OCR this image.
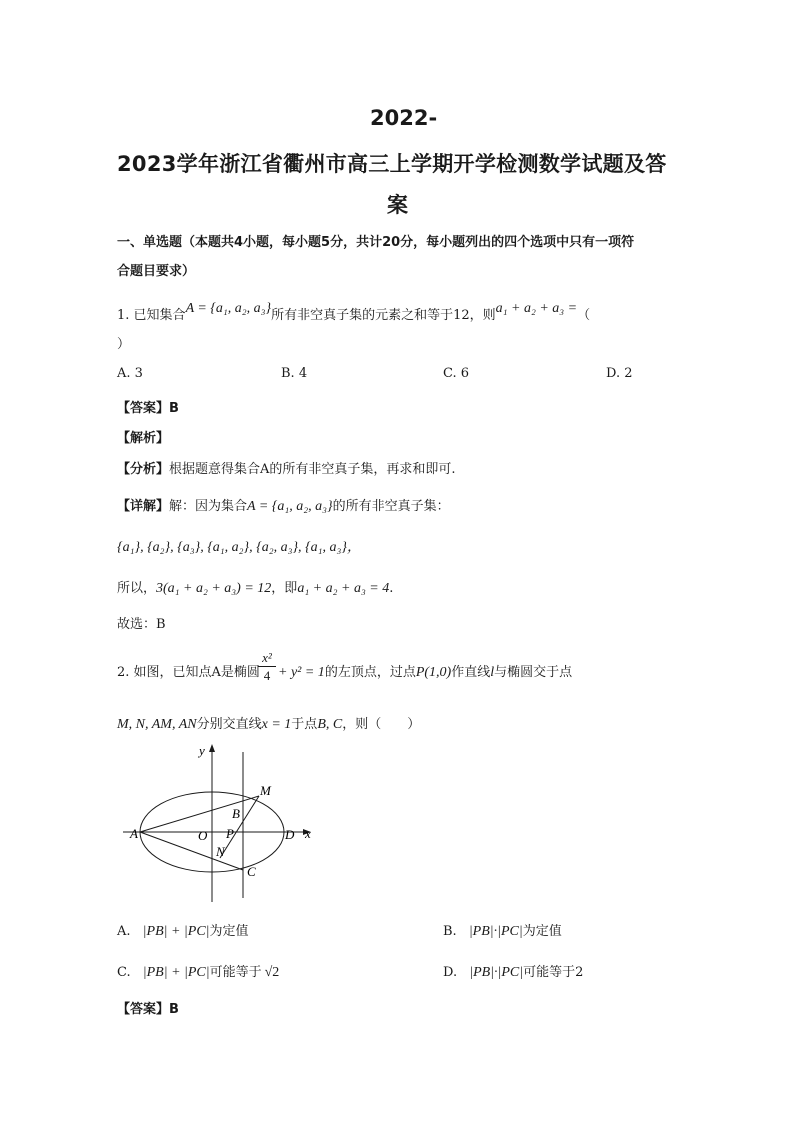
2022-
2023学年浙江省衢州市高三上学期开学检测数学试题及答
案
一、单选题（本题共4小题，每小题5分，共计20分，每小题列出的四个选项中只有一项符
合题目要求）
1. 已知集合A = {a₁, a₂, a₃}所有非空真子集的元素之和等于12，则a₁ + a₂ + a₃ =（
）
A. 3	B. 4	C. 6	D. 2
【答案】B
【解析】
【分析】根据题意得集合A的所有非空真子集，再求和即可.
【详解】解：因为集合A = {a₁, a₂, a₃}的所有非空真子集：
{a₁}, {a₂}, {a₃}, {a₁, a₂}, {a₂, a₃}, {a₁, a₃}，
所以，3(a₁ + a₂ + a₃) = 12，即a₁ + a₂ + a₃ = 4.
故选：B
2. 如图，已知点A是椭圆
x²
4 + y² = 1的左顶点，过点P(1,0)作直线l与椭圆交于点
M, N, AM, AN分别交直线x = 1于点B, C，则（　　）
y
x
A	O P	D
M
B
N
C
A. |PB| + |PC|为定值	B. |PB|·|PC|为定值
C. |PB| + |PC|可能等于 √2	D. |PB|·|PC|可能等于2
【答案】B
